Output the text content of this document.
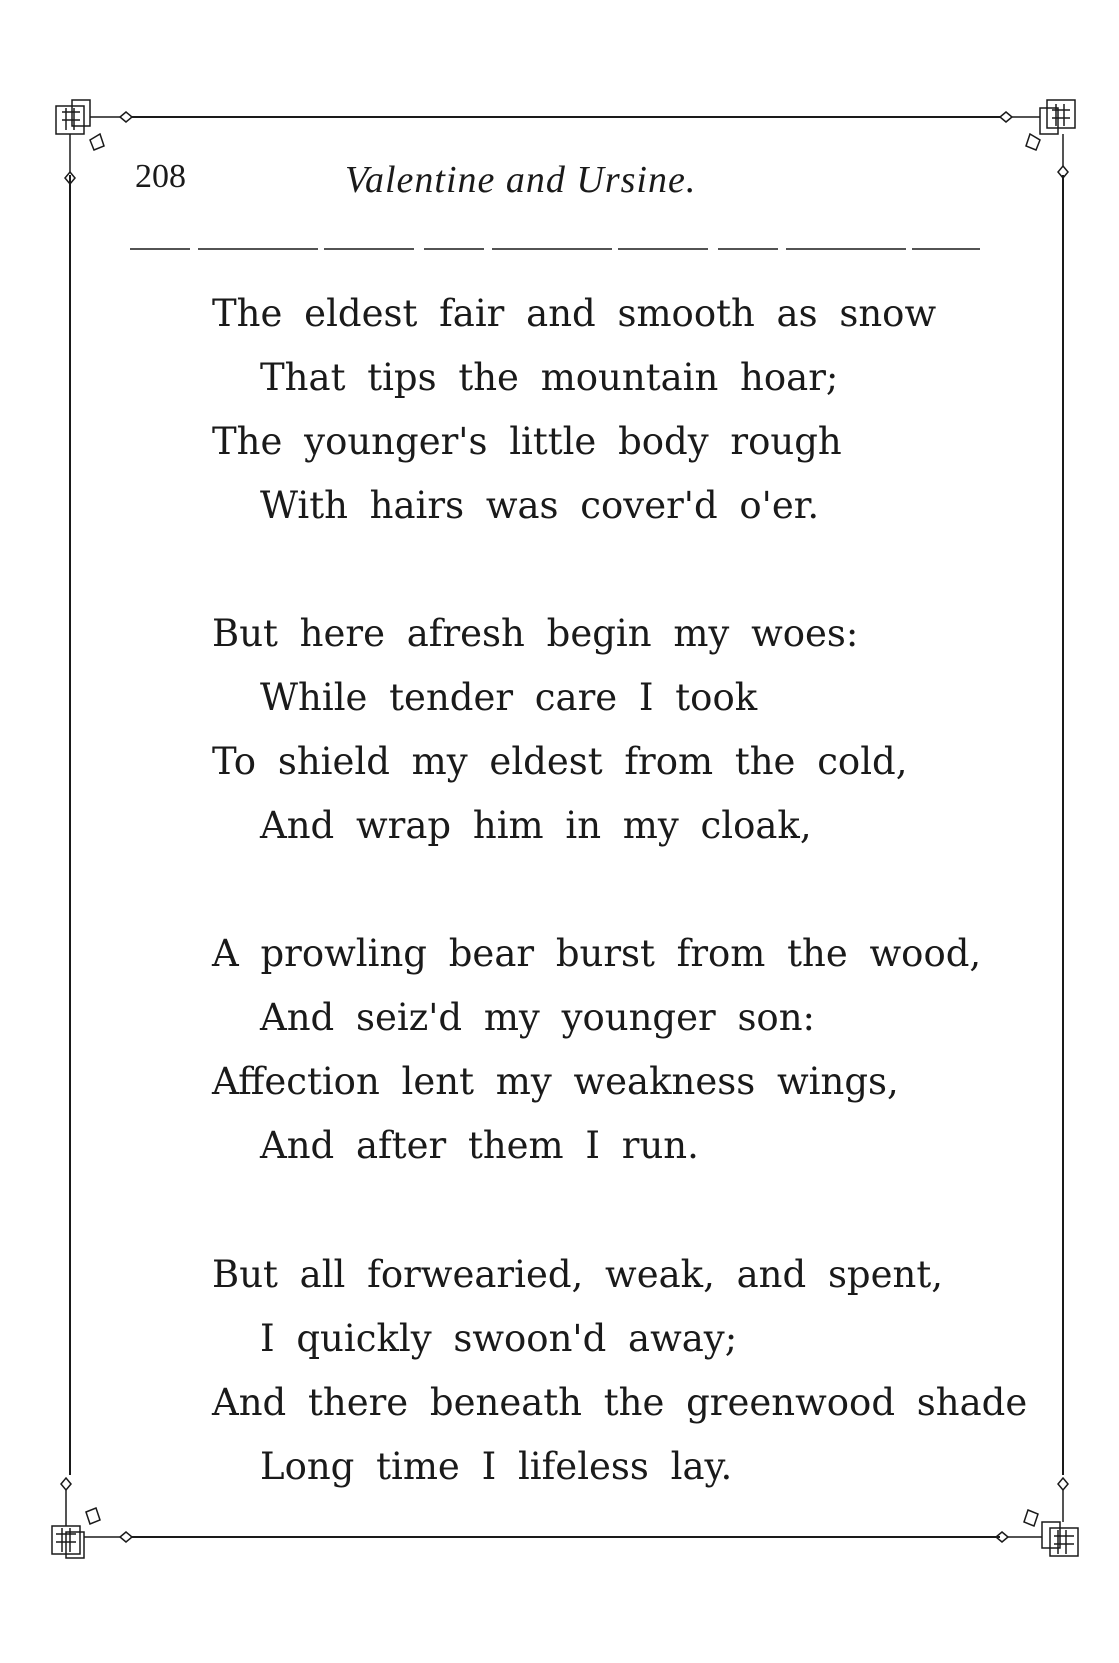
208	Valentine and Ursine.
The eldest fair and smooth as snow
That tips the mountain hoar;
The younger's little body rough
With hairs was cover'd o'er.
But here afresh begin my woes:
While tender care I took
To shield my eldest from the cold,
And wrap him in my cloak,
A prowling bear burst from the wood,
And seiz'd my younger son:
Affection lent my weakness wings,
And after them I run.
But all forwearied, weak, and spent,
I quickly swoon'd away;
And there beneath the greenwood shade
Long time I lifeless lay.
